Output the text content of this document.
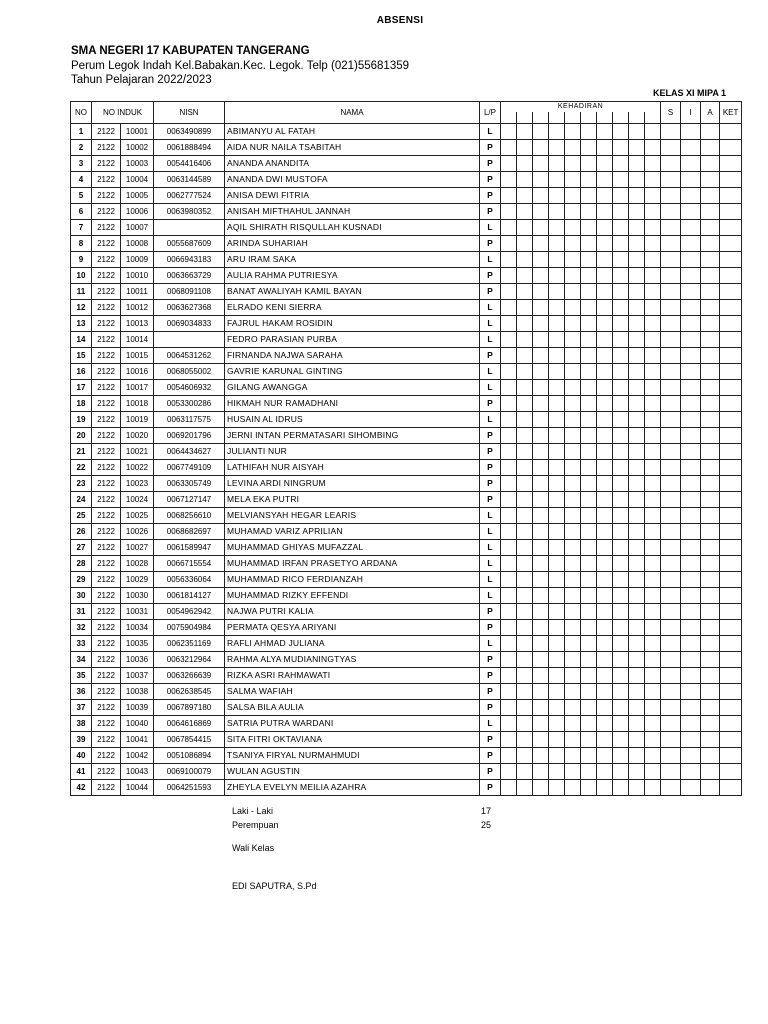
ABSENSI
SMA NEGERI 17 KABUPATEN TANGERANG
Perum Legok Indah Kel.Babakan.Kec. Legok. Telp (021)55681359
Tahun Pelajaran 2022/2023
KELAS XI MIPA 1
NO	NO INDUK		NISN	NAMA	L/P	KEHADIRAN										S	I	A	KET

1	2122	10001	0063490899	ABIMANYU AL FATAH	L														
2	2122	10002	0061888494	AIDA NUR NAILA TSABITAH	P														
3	2122	10003	0054416406	ANANDA ANANDITA	P														
4	2122	10004	0063144589	ANANDA DWI MUSTOFA	P														
5	2122	10005	0062777524	ANISA DEWI FITRIA	P														
6	2122	10006	0063980352	ANISAH MIFTHAHUL JANNAH	P														
7	2122	10007		AQIL SHIRATH RISQULLAH KUSNADI	L														
8	2122	10008	0055687609	ARINDA SUHARIAH	P														
9	2122	10009	0066943183	ARU IRAM SAKA	L														
10	2122	10010	0063663729	AULIA RAHMA PUTRIESYA	P														
11	2122	10011	0068091108	BANAT AWALIYAH KAMIL BAYAN	P														
12	2122	10012	0063627368	ELRADO KENI SIERRA	L														
13	2122	10013	0069034833	FAJRUL HAKAM ROSIDIN	L														
14	2122	10014		FEDRO PARASIAN PURBA	L														
15	2122	10015	0064531262	FIRNANDA NAJWA SARAHA	P														
16	2122	10016	0068055002	GAVRIE KARUNAL GINTING	L														
17	2122	10017	0054606932	GILANG AWANGGA	L														
18	2122	10018	0053300286	HIKMAH NUR RAMADHANI	P														
19	2122	10019	0063117575	HUSAIN AL IDRUS	L														
20	2122	10020	0069201796	JERNI INTAN PERMATASARI SIHOMBING	P														
21	2122	10021	0064434627	JULIANTI NUR	P														
22	2122	10022	0067749109	LATHIFAH NUR AISYAH	P														
23	2122	10023	0063305749	LEVINA ARDI NINGRUM	P														
24	2122	10024	0067127147	MELA EKA PUTRI	P														
25	2122	10025	0068256610	MELVIANSYAH HEGAR LEARIS	L														
26	2122	10026	0068682697	MUHAMAD VARIZ APRILIAN	L														
27	2122	10027	0061589947	MUHAMMAD GHIYAS MUFAZZAL	L														
28	2122	10028	0066715554	MUHAMMAD IRFAN PRASETYO ARDANA	L														
29	2122	10029	0056336064	MUHAMMAD RICO FERDIANZAH	L														
30	2122	10030	0061814127	MUHAMMAD RIZKY EFFENDI	L														
31	2122	10031	0054962942	NAJWA PUTRI KALIA	P														
32	2122	10034	0075904984	PERMATA QESYA ARIYANI	P														
33	2122	10035	0062351169	RAFLI AHMAD JULIANA	L														
34	2122	10036	0063212964	RAHMA ALYA MUDIANINGTYAS	P														
35	2122	10037	0063266639	RIZKA ASRI RAHMAWATI	P														
36	2122	10038	0062638545	SALMA WAFIAH	P														
37	2122	10039	0067897180	SALSA BILA AULIA	P														
38	2122	10040	0064616869	SATRIA PUTRA WARDANI	L														
39	2122	10041	0067854415	SITA FITRI OKTAVIANA	P														
40	2122	10042	0051086894	TSANIYA FIRYAL NURMAHMUDI	P														
41	2122	10043	0069100079	WULAN AGUSTIN	P														
42	2122	10044	0064251593	ZHEYLA EVELYN MEILIA AZAHRA	P														
Laki - Laki	17
Perempuan	25
Wali Kelas
EDI SAPUTRA, S.Pd
